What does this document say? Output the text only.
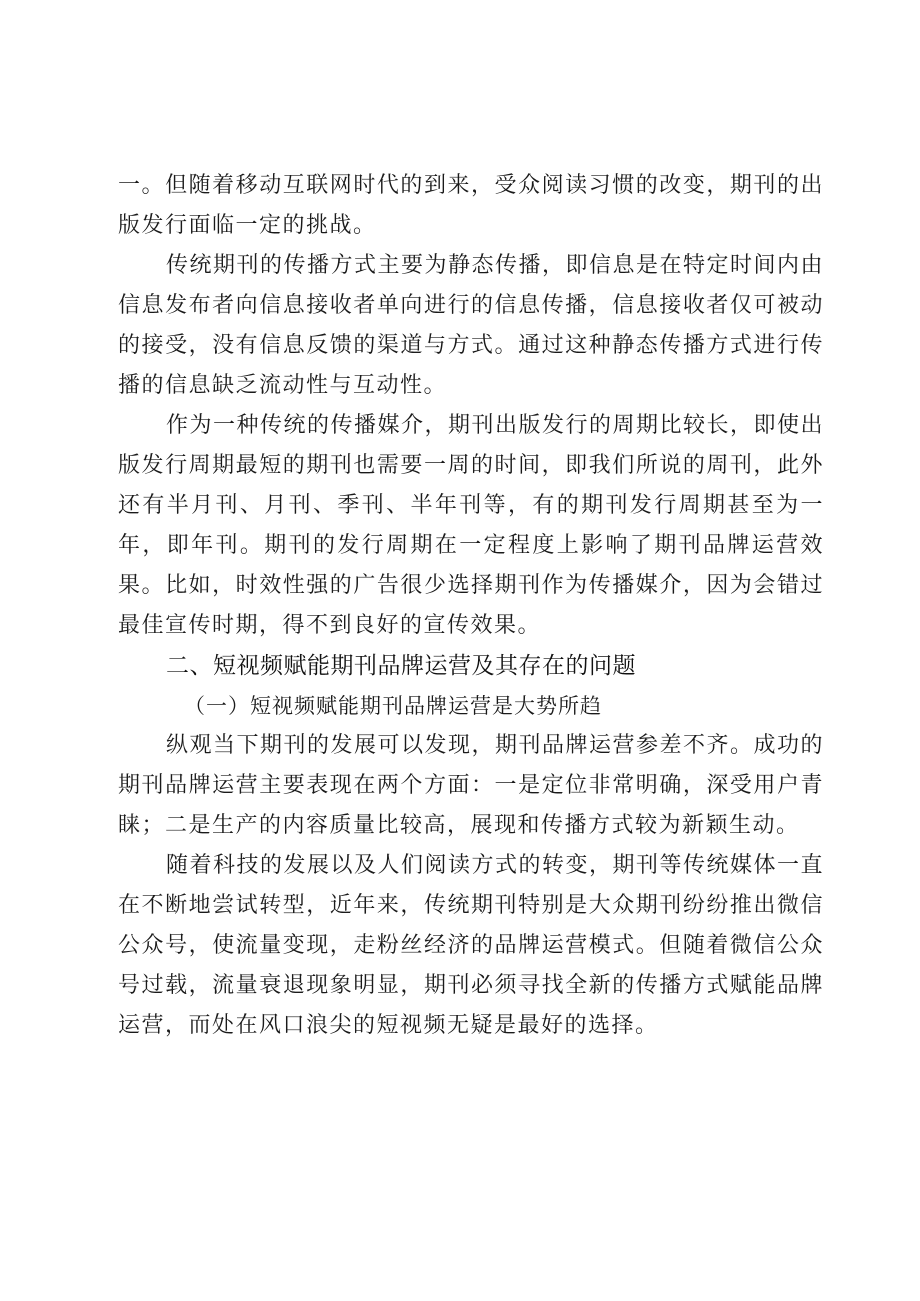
一。但随着移动互联网时代的到来，受众阅读习惯的改变，期刊的出版发行面临一定的挑战。

传统期刊的传播方式主要为静态传播，即信息是在特定时间内由信息发布者向信息接收者单向进行的信息传播，信息接收者仅可被动的接受，没有信息反馈的渠道与方式。通过这种静态传播方式进行传播的信息缺乏流动性与互动性。

作为一种传统的传播媒介，期刊出版发行的周期比较长，即使出版发行周期最短的期刊也需要一周的时间，即我们所说的周刊，此外还有半月刊、月刊、季刊、半年刊等，有的期刊发行周期甚至为一年，即年刊。期刊的发行周期在一定程度上影响了期刊品牌运营效果。比如，时效性强的广告很少选择期刊作为传播媒介，因为会错过最佳宣传时期，得不到良好的宣传效果。

二、短视频赋能期刊品牌运营及其存在的问题

（一）短视频赋能期刊品牌运营是大势所趋

纵观当下期刊的发展可以发现，期刊品牌运营参差不齐。成功的期刊品牌运营主要表现在两个方面：一是定位非常明确，深受用户青睐；二是生产的内容质量比较高，展现和传播方式较为新颖生动。

随着科技的发展以及人们阅读方式的转变，期刊等传统媒体一直在不断地尝试转型，近年来，传统期刊特别是大众期刊纷纷推出微信公众号，使流量变现，走粉丝经济的品牌运营模式。但随着微信公众号过载，流量衰退现象明显，期刊必须寻找全新的传播方式赋能品牌运营，而处在风口浪尖的短视频无疑是最好的选择。
